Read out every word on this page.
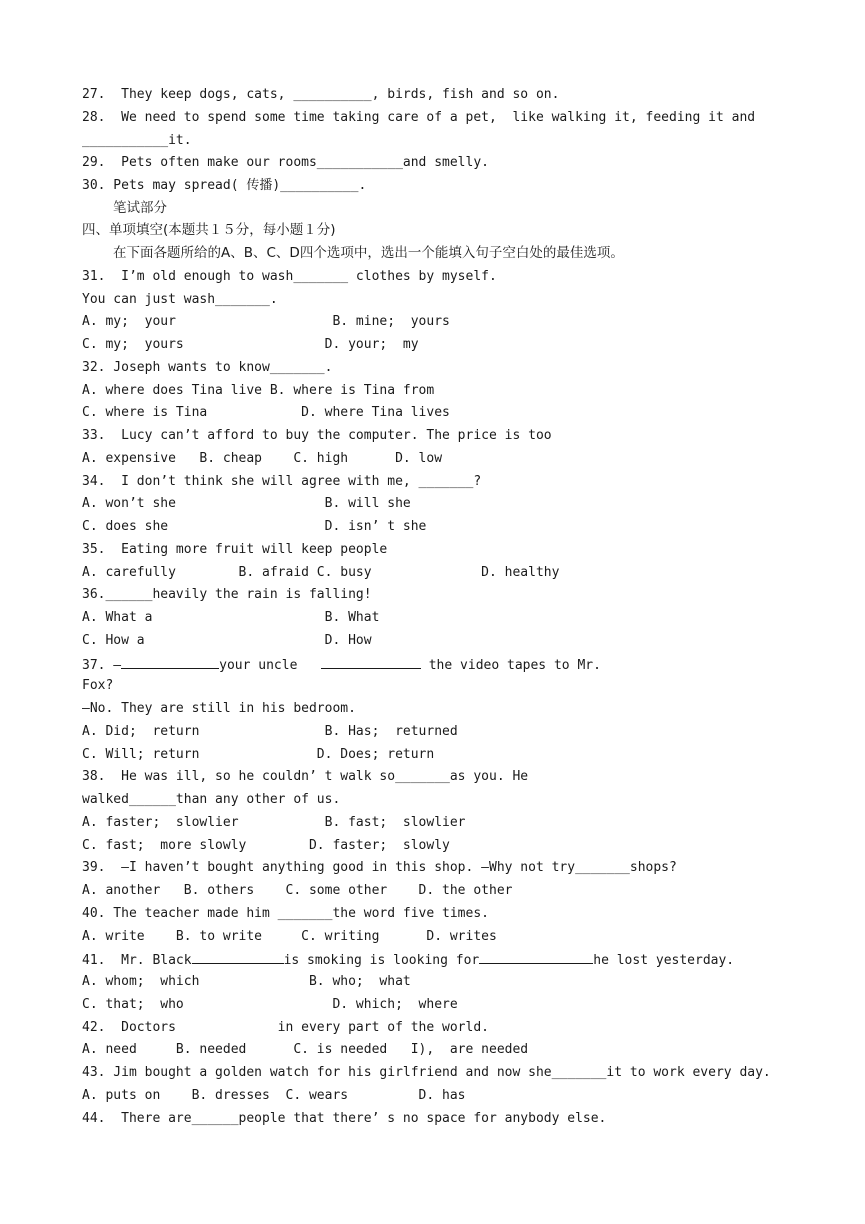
27.  They keep dogs, cats, __________, birds, fish and so on.
28.  We need to spend some time taking care of a pet,  like walking it, feeding it and
___________it.
29.  Pets often make our rooms___________and smelly.
30. Pets may spread( 传播)__________.
笔试部分
四、单项填空(本题共１５分，每小题１分)
在下面各题所给的A、B、C、D四个选项中，选出一个能填入句子空白处的最佳选项。
31.  I’m old enough to wash_______ clothes by myself.
You can just wash_______.
A. my;  your                    B. mine;  yours
C. my;  yours                  D. your;  my
32. Joseph wants to know_______.
A. where does Tina live B. where is Tina from
C. where is Tina            D. where Tina lives
33.  Lucy can’t afford to buy the computer. The price is too
A. expensive   B. cheap    C. high      D. low
34.  I don’t think she will agree with me, _______?
A. won’t she                   B. will she
C. does she                    D. isn’ t she
35.  Eating more fruit will keep people
A. carefully        B. afraid C. busy              D. healthy
36.______heavily the rain is falling!
A. What a                      B. What
C. How a                       D. How
37. —	your uncle	the video tapes to Mr.
Fox?
—No. They are still in his bedroom.
A. Did;  return                B. Has;  returned
C. Will; return               D. Does; return
38.  He was ill, so he couldn’ t walk so_______as you. He
walked______than any other of us.
A. faster;  slowlier           B. fast;  slowlier
C. fast;  more slowly        D. faster;  slowly
39.  —I haven’t bought anything good in this shop. —Why not try_______shops?
A. another   B. others    C. some other    D. the other
40. The teacher made him _______the word five times.
A. write    B. to write     C. writing      D. writes
41.  Mr. Black	is smoking is looking for	he lost yesterday.
A. whom;  which              B. who;  what
C. that;  who                   D. which;  where
42.  Doctors             in every part of the world.
A. need     B. needed      C. is needed   I),  are needed
43. Jim bought a golden watch for his girlfriend and now she_______it to work every day.
A. puts on    B. dresses  C. wears         D. has
44.  There are______people that there’ s no space for anybody else.
